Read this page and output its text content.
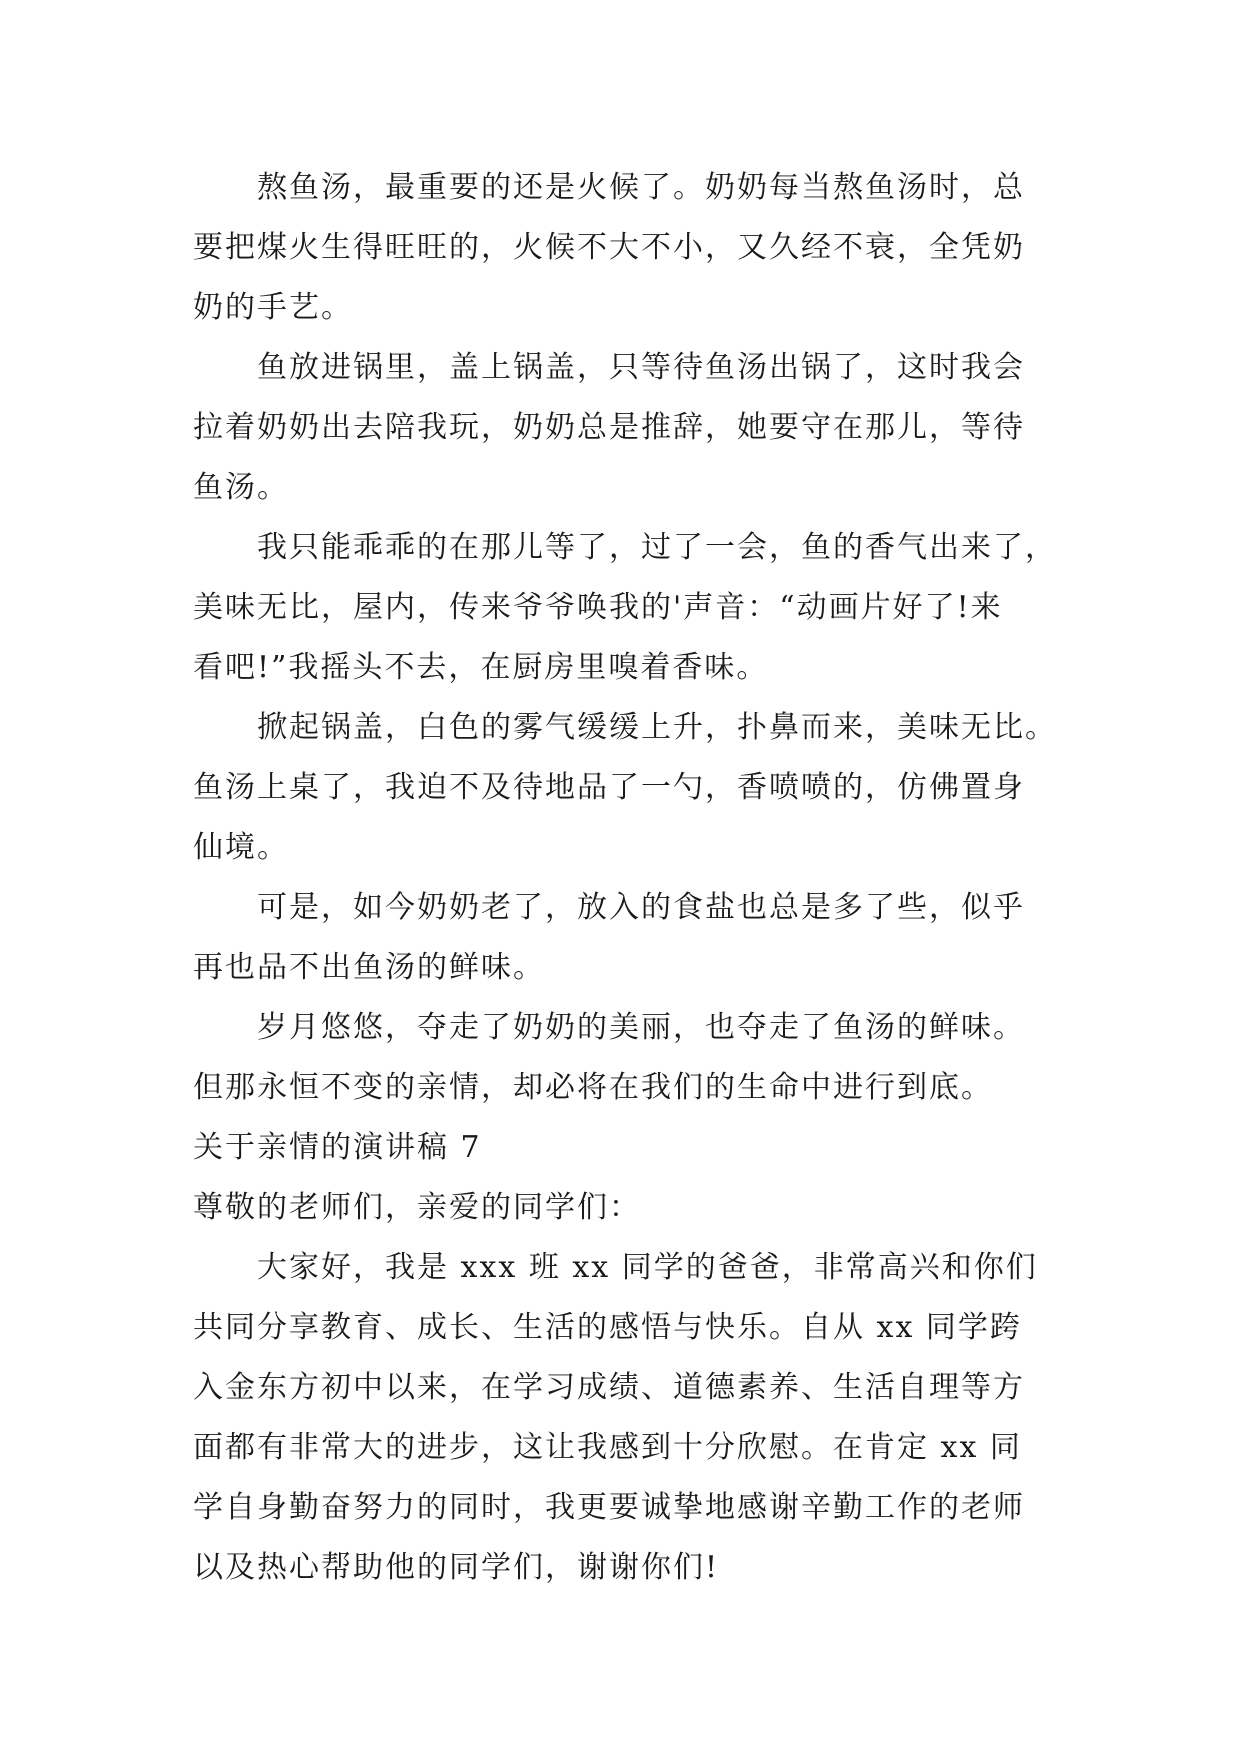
熬鱼汤，最重要的还是火候了。奶奶每当熬鱼汤时，总
要把煤火生得旺旺的，火候不大不小，又久经不衰，全凭奶
奶的手艺。
鱼放进锅里，盖上锅盖，只等待鱼汤出锅了，这时我会
拉着奶奶出去陪我玩，奶奶总是推辞，她要守在那儿，等待
鱼汤。
我只能乖乖的在那儿等了，过了一会，鱼的香气出来了，
美味无比，屋内，传来爷爷唤我的'声音：“动画片好了!来
看吧!”我摇头不去，在厨房里嗅着香味。
掀起锅盖，白色的雾气缓缓上升，扑鼻而来，美味无比。
鱼汤上桌了，我迫不及待地品了一勺，香喷喷的，仿佛置身
仙境。
可是，如今奶奶老了，放入的食盐也总是多了些，似乎
再也品不出鱼汤的鲜味。
岁月悠悠，夺走了奶奶的美丽，也夺走了鱼汤的鲜味。
但那永恒不变的亲情，却必将在我们的生命中进行到底。
关于亲情的演讲稿 7
尊敬的老师们，亲爱的同学们：
大家好，我是 xxx 班 xx 同学的爸爸，非常高兴和你们
共同分享教育、成长、生活的感悟与快乐。自从 xx 同学跨
入金东方初中以来，在学习成绩、道德素养、生活自理等方
面都有非常大的进步，这让我感到十分欣慰。在肯定 xx 同
学自身勤奋努力的同时，我更要诚挚地感谢辛勤工作的老师
以及热心帮助他的同学们，谢谢你们!
